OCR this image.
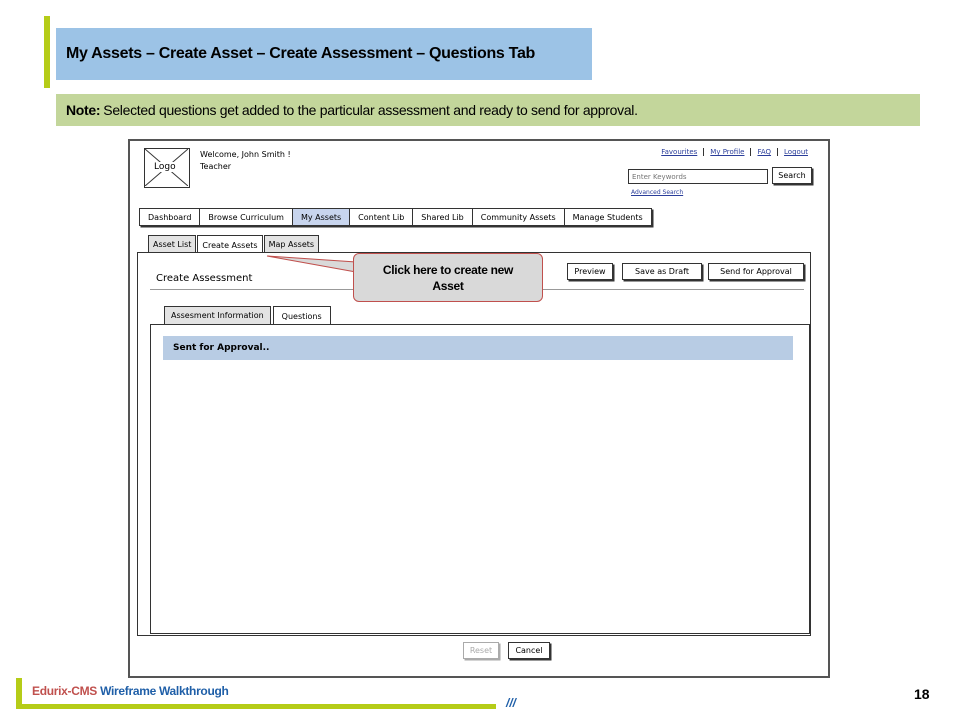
My Assets – Create Asset – Create Assessment – Questions Tab
Note: Selected questions get added to the particular assessment and ready to send for approval.
Logo
Welcome, John Smith !
Teacher
Favourites	My Profile	FAQ	Logout
Enter Keywords
Search
Advanced Search
Dashboard	Browse Curriculum	My Assets	Content Lib	Shared Lib	Community Assets	Manage Students
Asset List	Create Assets	Map Assets
Create Assessment
Preview	Save as Draft	Send for Approval
Assesment Information	Questions
Sent for Approval..
Reset	Cancel
Click here to create new Asset
Edurix-CMS Wireframe Walkthrough
///
18
